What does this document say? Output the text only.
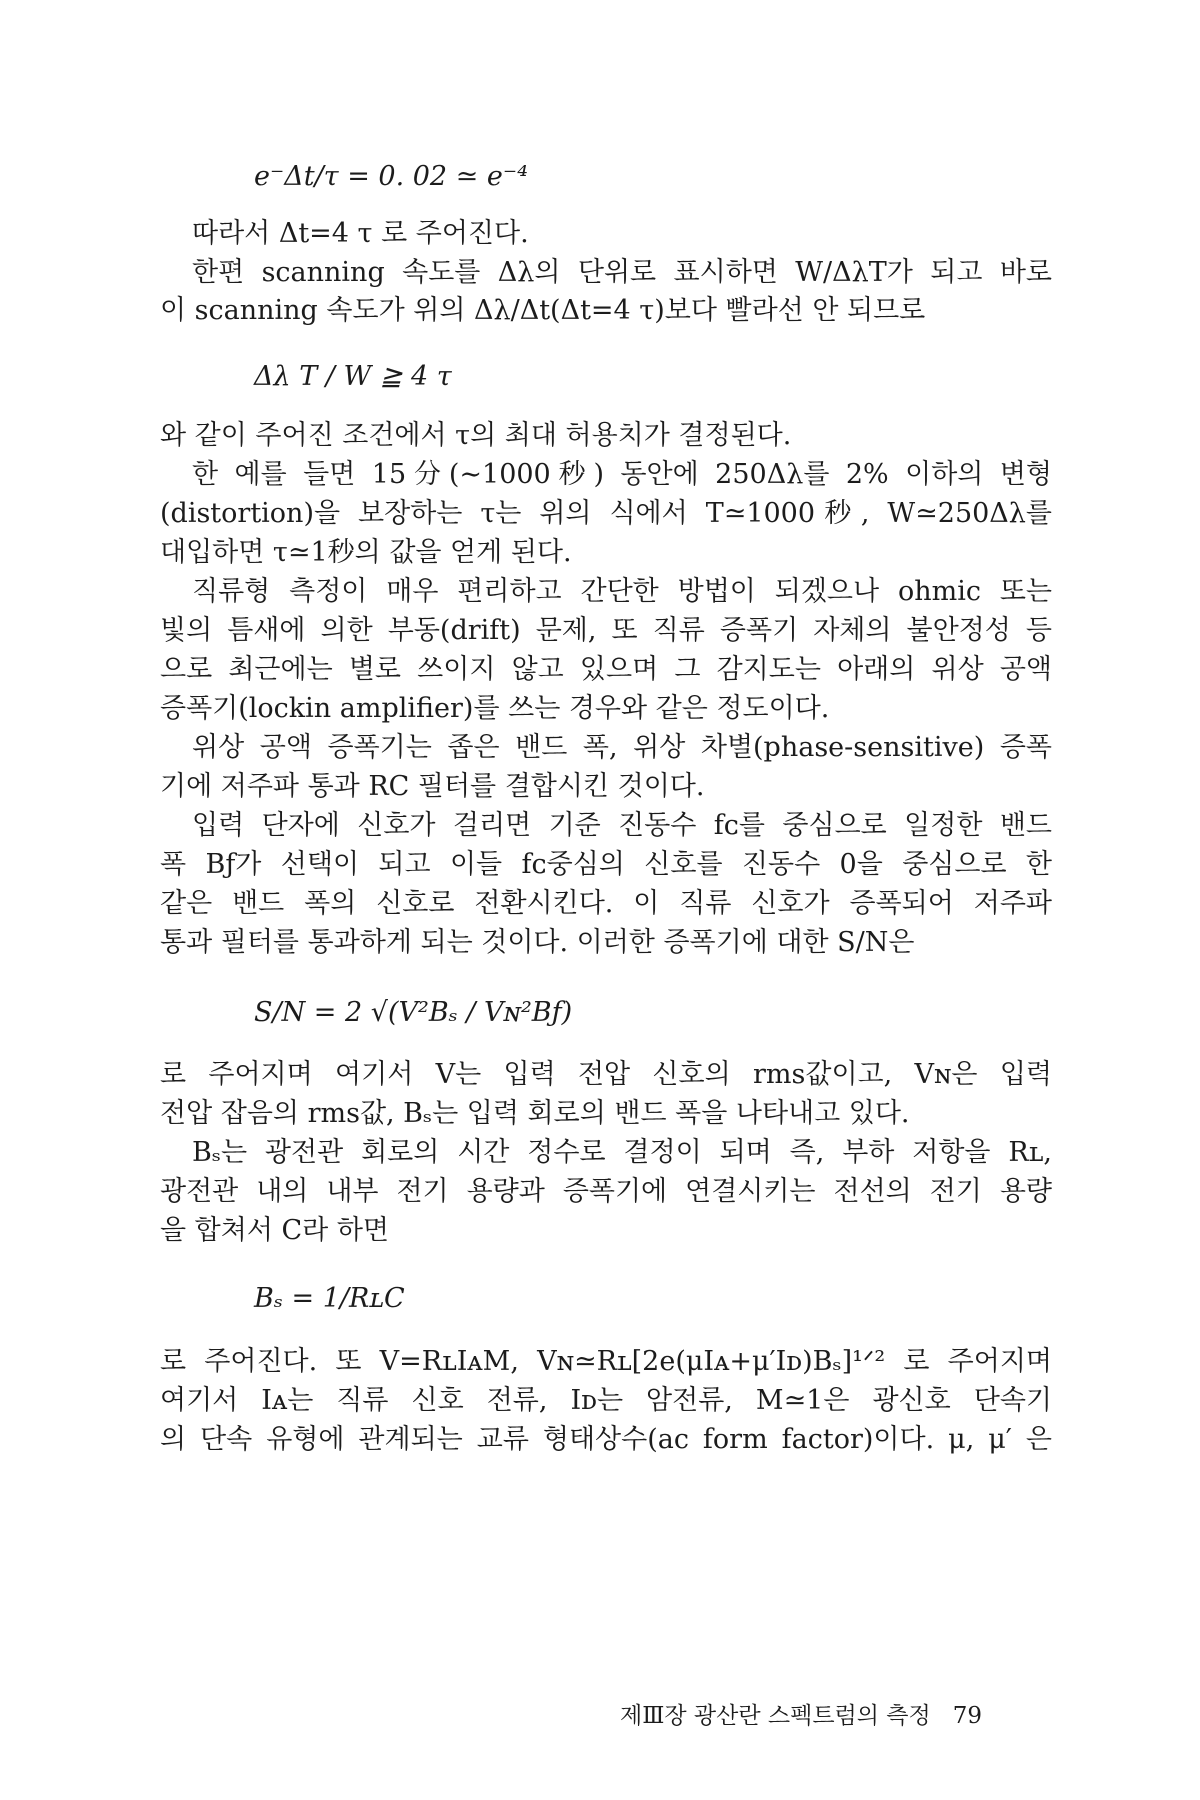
e⁻Δt/τ = 0. 02 ≃ e⁻⁴
따라서 Δt=4 τ 로 주어진다.
한편 scanning 속도를 Δλ의 단위로 표시하면 W/ΔλT가 되고 바로
이 scanning 속도가 위의 Δλ/Δt(Δt=4 τ)보다 빨라선 안 되므로
Δλ T / W ≧ 4 τ
와 같이 주어진 조건에서 τ의 최대 허용치가 결정된다.
한 예를 들면 15分(∼1000秒) 동안에 250Δλ를 2% 이하의 변형
(distortion)을 보장하는 τ는 위의 식에서 T≃1000秒, W≃250Δλ를
대입하면 τ≃1秒의 값을 얻게 된다.
직류형 측정이 매우 편리하고 간단한 방법이 되겠으나 ohmic 또는
빛의 틈새에 의한 부동(drift) 문제, 또 직류 증폭기 자체의 불안정성 등
으로 최근에는 별로 쓰이지 않고 있으며 그 감지도는 아래의 위상 공액
증폭기(lockin amplifier)를 쓰는 경우와 같은 정도이다.
위상 공액 증폭기는 좁은 밴드 폭, 위상 차별(phase-sensitive) 증폭
기에 저주파 통과 RC 필터를 결합시킨 것이다.
입력 단자에 신호가 걸리면 기준 진동수 fᴄ를 중심으로 일정한 밴드
폭 Bƒ가 선택이 되고 이들 fᴄ중심의 신호를 진동수 0을 중심으로 한
같은 밴드 폭의 신호로 전환시킨다. 이 직류 신호가 증폭되어 저주파
통과 필터를 통과하게 되는 것이다. 이러한 증폭기에 대한 S/N은
S/N = 2 √(V²Bₛ / Vɴ²Bƒ)
로 주어지며 여기서 V는 입력 전압 신호의 rms값이고, Vɴ은 입력
전압 잡음의 rms값, Bₛ는 입력 회로의 밴드 폭을 나타내고 있다.
Bₛ는 광전관 회로의 시간 정수로 결정이 되며 즉, 부하 저항을 Rʟ,
광전관 내의 내부 전기 용량과 증폭기에 연결시키는 전선의 전기 용량
을 합쳐서 C라 하면
Bₛ = 1/RʟC
로 주어진다. 또 V=RʟIᴀM, Vɴ≃Rʟ[2e(μIᴀ+μ′Iᴅ)Bₛ]¹ᐟ² 로 주어지며
여기서 Iᴀ는 직류 신호 전류, Iᴅ는 암전류, M≃1은 광신호 단속기
의 단속 유형에 관계되는 교류 형태상수(ac form factor)이다. μ, μ′ 은
제Ⅲ장 광산란 스펙트럼의 측정 79
